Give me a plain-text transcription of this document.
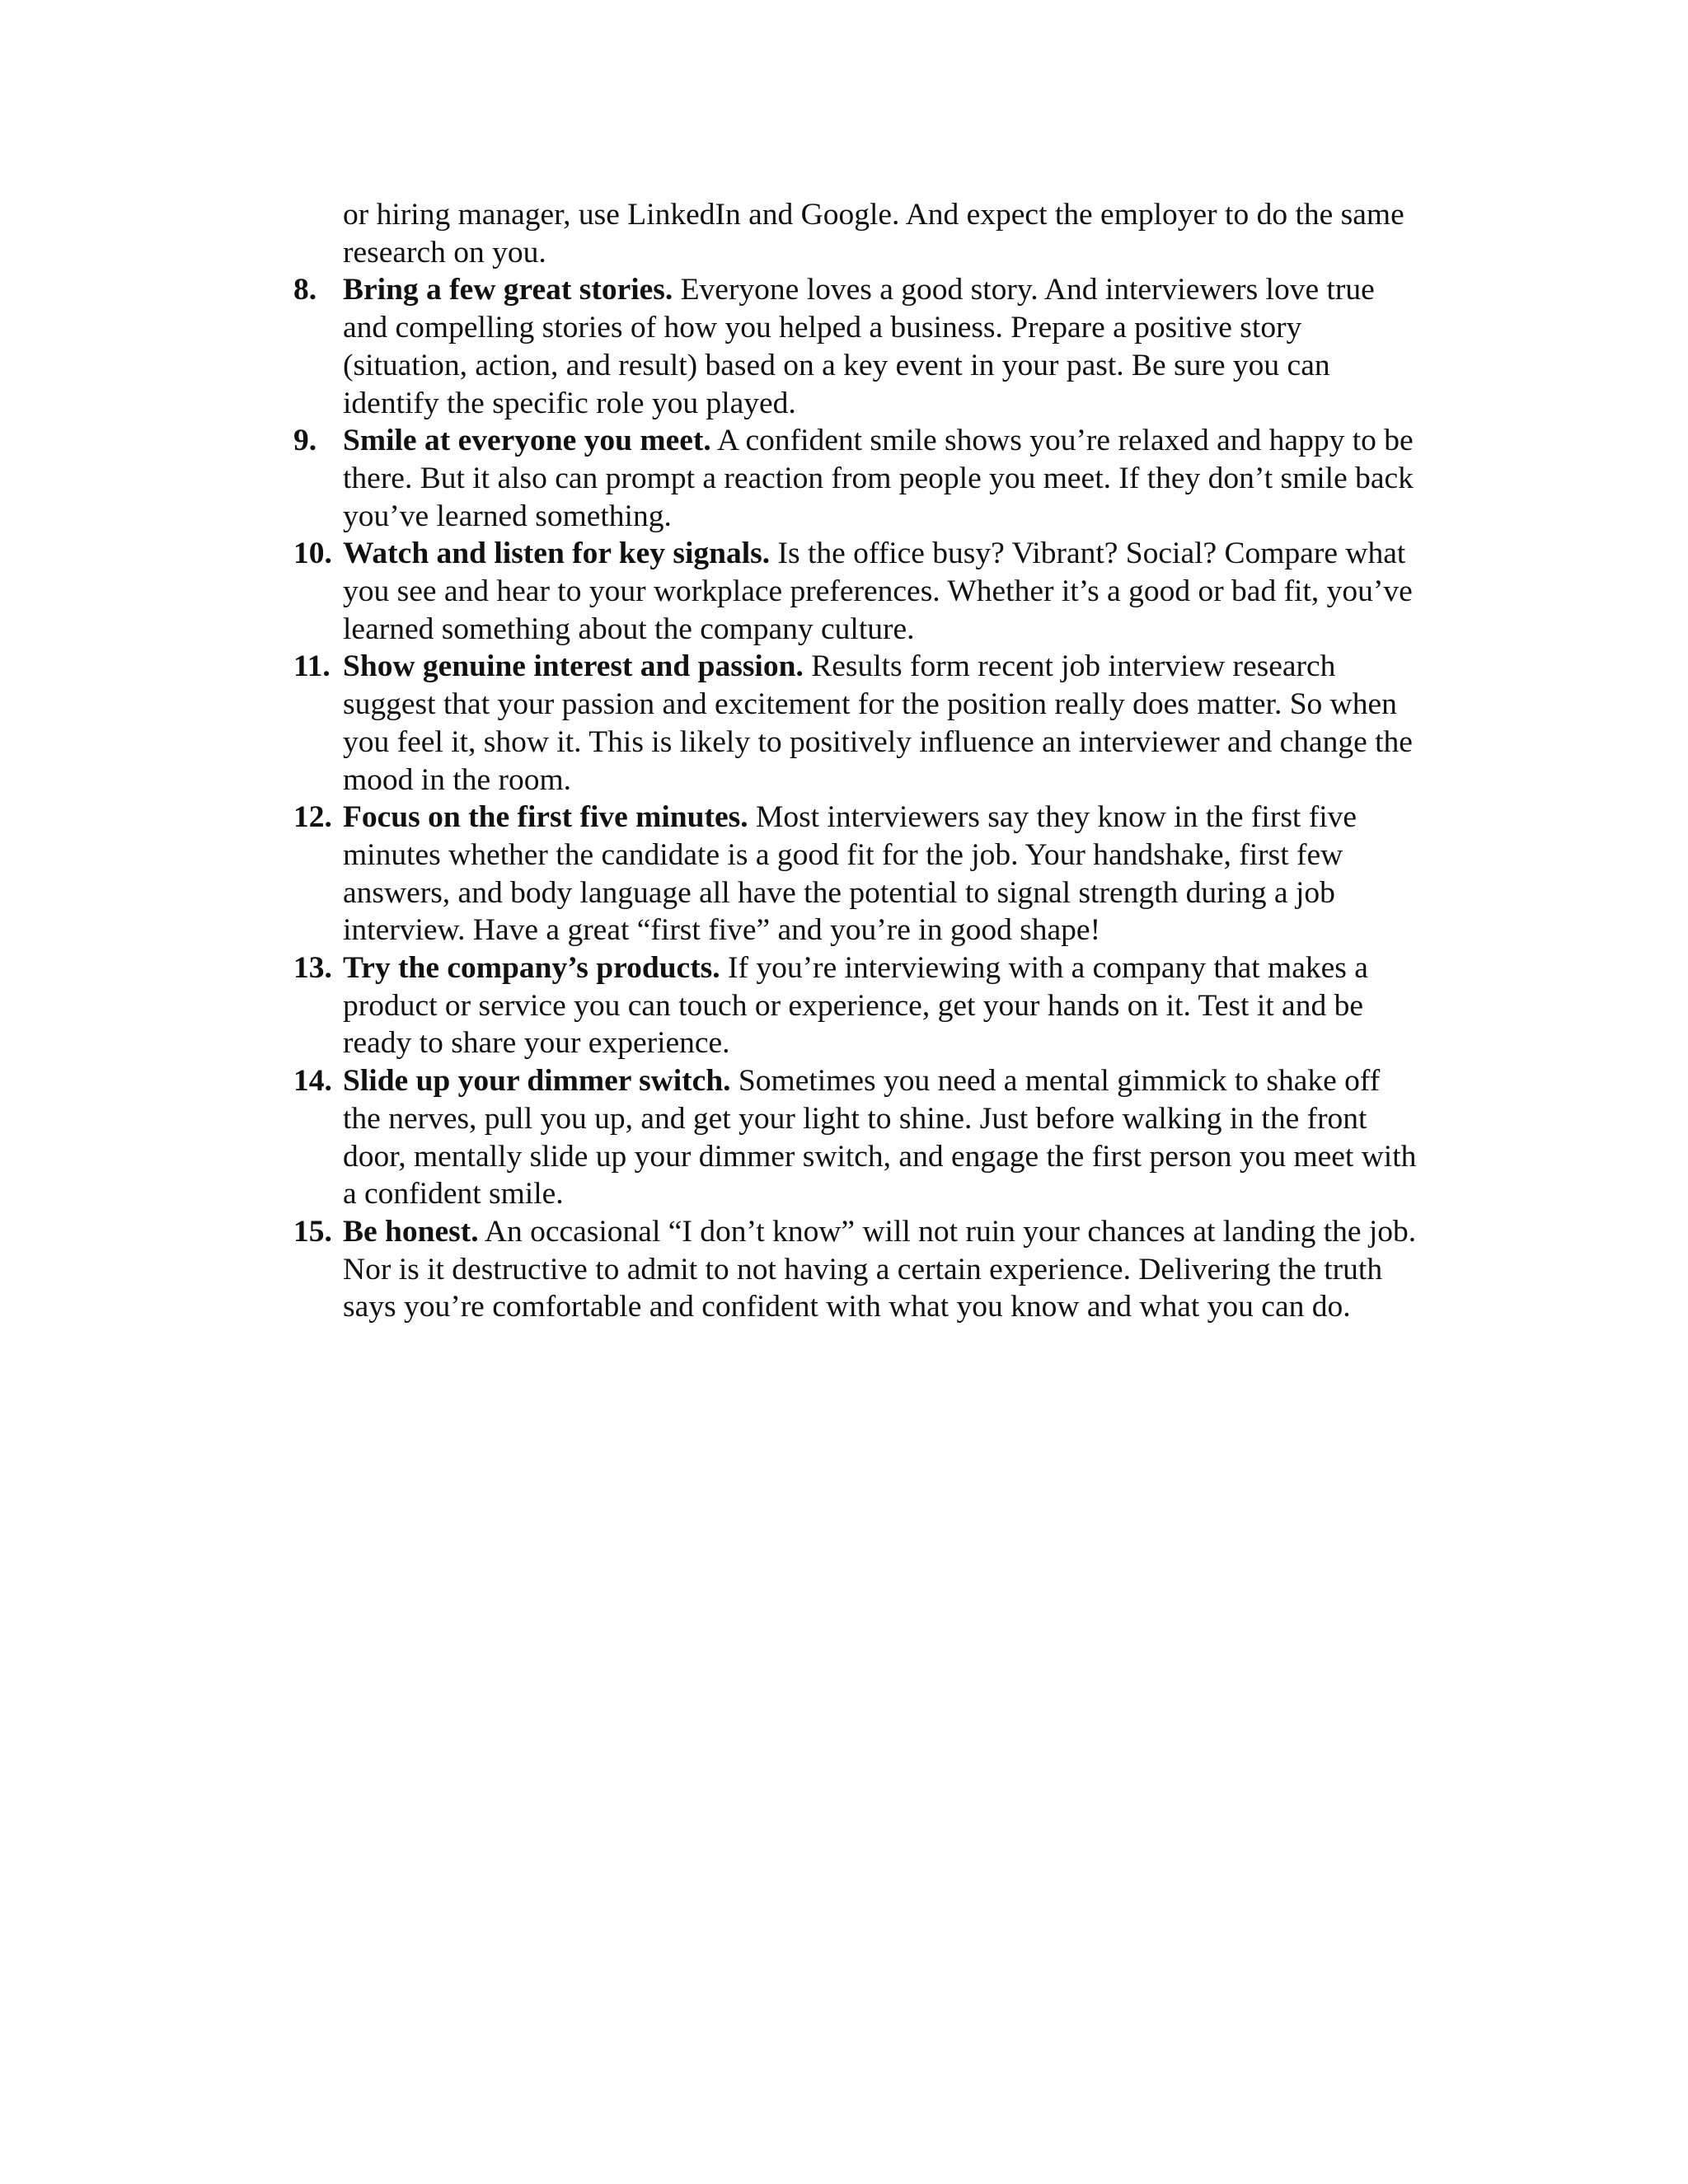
or hiring manager, use LinkedIn and Google. And expect the employer to do the same research on you.
8. Bring a few great stories. Everyone loves a good story. And interviewers love true and compelling stories of how you helped a business. Prepare a positive story (situation, action, and result) based on a key event in your past. Be sure you can identify the specific role you played.
9. Smile at everyone you meet. A confident smile shows you’re relaxed and happy to be there. But it also can prompt a reaction from people you meet. If they don’t smile back you’ve learned something.
10. Watch and listen for key signals. Is the office busy? Vibrant? Social? Compare what you see and hear to your workplace preferences. Whether it’s a good or bad fit, you’ve learned something about the company culture.
11. Show genuine interest and passion. Results form recent job interview research suggest that your passion and excitement for the position really does matter. So when you feel it, show it. This is likely to positively influence an interviewer and change the mood in the room.
12. Focus on the first five minutes. Most interviewers say they know in the first five minutes whether the candidate is a good fit for the job. Your handshake, first few answers, and body language all have the potential to signal strength during a job interview. Have a great “first five” and you’re in good shape!
13. Try the company’s products. If you’re interviewing with a company that makes a product or service you can touch or experience, get your hands on it. Test it and be ready to share your experience.
14. Slide up your dimmer switch. Sometimes you need a mental gimmick to shake off the nerves, pull you up, and get your light to shine. Just before walking in the front door, mentally slide up your dimmer switch, and engage the first person you meet with a confident smile.
15. Be honest. An occasional “I don’t know” will not ruin your chances at landing the job. Nor is it destructive to admit to not having a certain experience. Delivering the truth says you’re comfortable and confident with what you know and what you can do.
